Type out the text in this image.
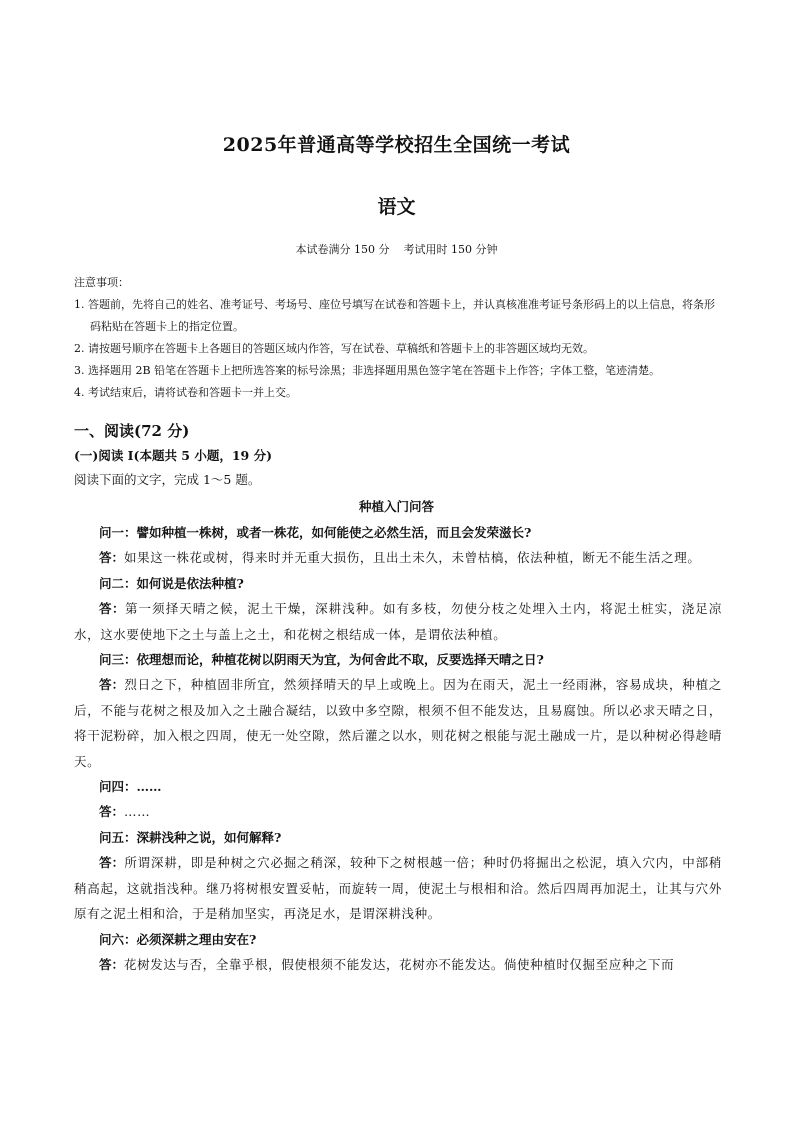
2025年普通高等学校招生全国统一考试
语文
本试卷满分 150 分    考试用时 150 分钟
注意事项：
1. 答题前，先将自己的姓名、准考证号、考场号、座位号填写在试卷和答题卡上，并认真核准准考证号条形码上的以上信息，将条形码粘贴在答题卡上的指定位置。
2. 请按题号顺序在答题卡上各题目的答题区域内作答，写在试卷、草稿纸和答题卡上的非答题区域均无效。
3. 选择题用 2B 铅笔在答题卡上把所选答案的标号涂黑；非选择题用黑色签字笔在答题卡上作答；字体工整，笔迹清楚。
4. 考试结束后，请将试卷和答题卡一并上交。
一、阅读(72 分)
(一)阅读 I(本题共 5 小题，19 分)
阅读下面的文字，完成 1～5 题。
种植入门问答
问一：譬如种植一株树，或者一株花，如何能使之必然生活，而且会发荣滋长?
答：如果这一株花或树，得来时并无重大损伤，且出土未久，未曾枯槁，依法种植，断无不能生活之理。
问二：如何说是依法种植?
答：第一须择天晴之候，泥土干燥，深耕浅种。如有多枝，勿使分枝之处埋入土内，将泥土桩实，浇足凉水，这水要使地下之土与盖上之土，和花树之根结成一体，是谓依法种植。
问三：依理想而论，种植花树以阴雨天为宜，为何舍此不取，反要选择天晴之日?
答：烈日之下，种植固非所宜，然须择晴天的早上或晚上。因为在雨天，泥土一经雨淋，容易成块，种植之后，不能与花树之根及加入之土融合凝结，以致中多空隙，根须不但不能发达，且易腐蚀。所以必求天晴之日，将干泥粉碎，加入根之四周，使无一处空隙，然后灌之以水，则花树之根能与泥土融成一片，是以种树必得趁晴天。
问四：……
答：……
问五：深耕浅种之说，如何解释?
答：所谓深耕，即是种树之穴必掘之稍深，较种下之树根越一倍；种时仍将掘出之松泥，填入穴内，中部稍稍高起，这就指浅种。继乃将树根安置妥帖，而旋转一周，使泥土与根相和洽。然后四周再加泥土，让其与穴外原有之泥土相和洽，于是稍加坚实，再浇足水，是谓深耕浅种。
问六：必须深耕之理由安在?
答：花树发达与否，全靠乎根，假使根须不能发达，花树亦不能发达。倘使种植时仅掘至应种之下而
